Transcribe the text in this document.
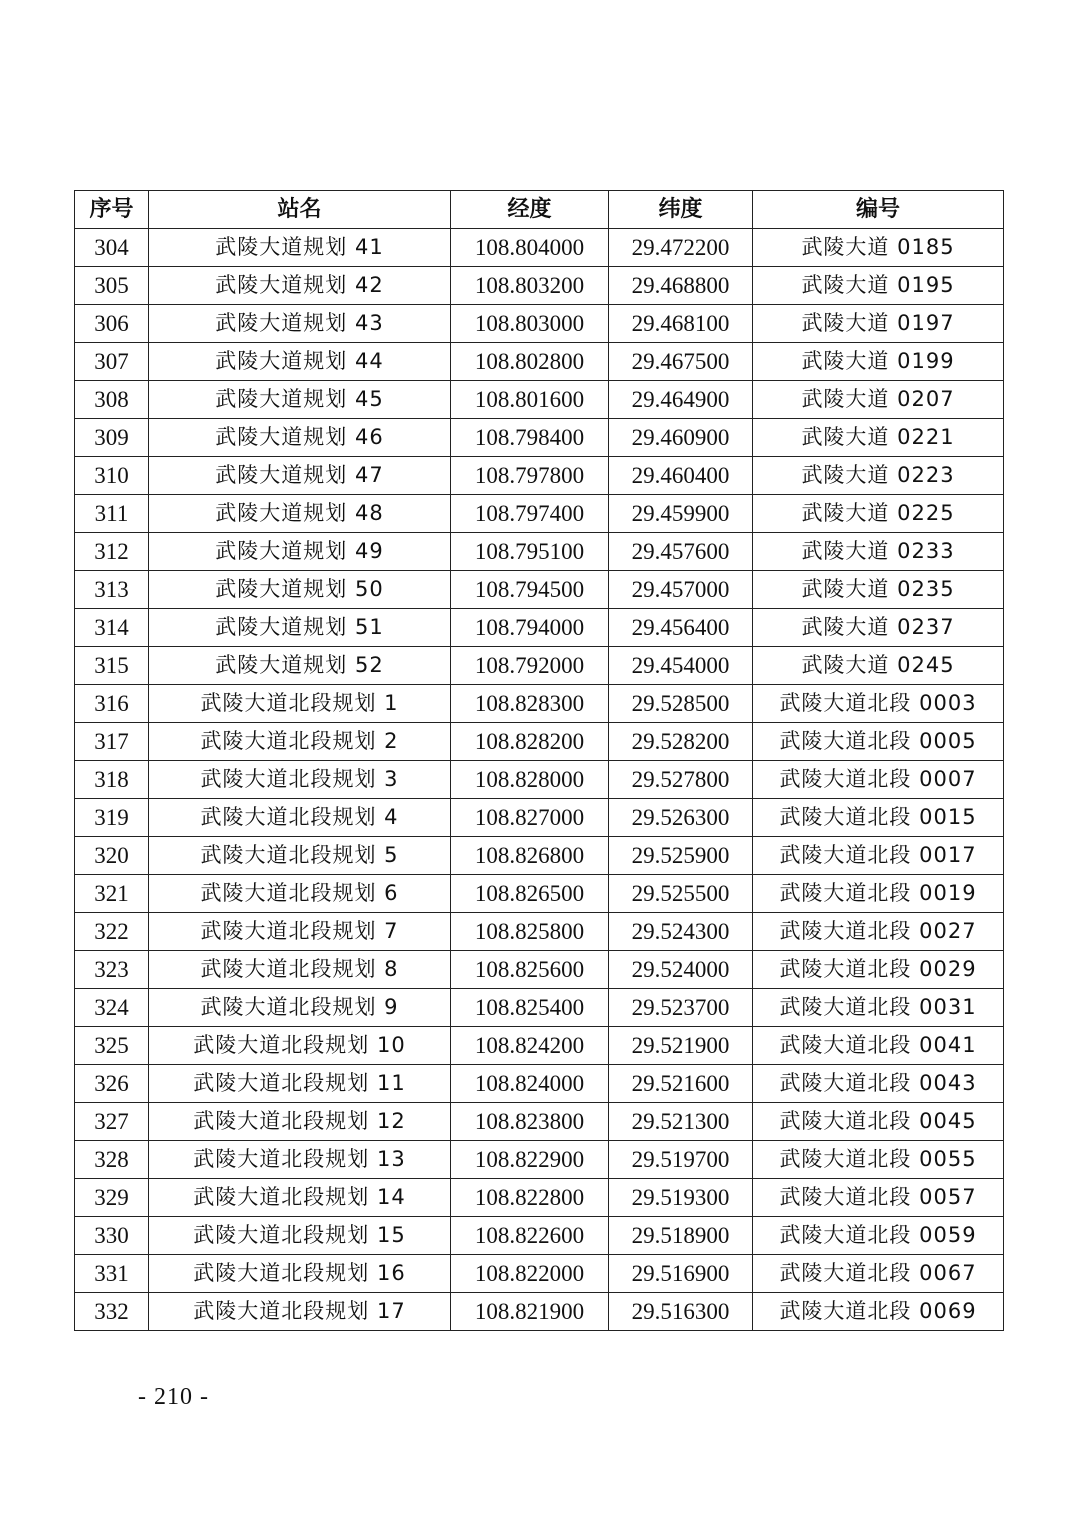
序号	站名	经度	纬度	编号
304	武陵大道规划 41	108.804000	29.472200	武陵大道 0185
305	武陵大道规划 42	108.803200	29.468800	武陵大道 0195
306	武陵大道规划 43	108.803000	29.468100	武陵大道 0197
307	武陵大道规划 44	108.802800	29.467500	武陵大道 0199
308	武陵大道规划 45	108.801600	29.464900	武陵大道 0207
309	武陵大道规划 46	108.798400	29.460900	武陵大道 0221
310	武陵大道规划 47	108.797800	29.460400	武陵大道 0223
311	武陵大道规划 48	108.797400	29.459900	武陵大道 0225
312	武陵大道规划 49	108.795100	29.457600	武陵大道 0233
313	武陵大道规划 50	108.794500	29.457000	武陵大道 0235
314	武陵大道规划 51	108.794000	29.456400	武陵大道 0237
315	武陵大道规划 52	108.792000	29.454000	武陵大道 0245
316	武陵大道北段规划 1	108.828300	29.528500	武陵大道北段 0003
317	武陵大道北段规划 2	108.828200	29.528200	武陵大道北段 0005
318	武陵大道北段规划 3	108.828000	29.527800	武陵大道北段 0007
319	武陵大道北段规划 4	108.827000	29.526300	武陵大道北段 0015
320	武陵大道北段规划 5	108.826800	29.525900	武陵大道北段 0017
321	武陵大道北段规划 6	108.826500	29.525500	武陵大道北段 0019
322	武陵大道北段规划 7	108.825800	29.524300	武陵大道北段 0027
323	武陵大道北段规划 8	108.825600	29.524000	武陵大道北段 0029
324	武陵大道北段规划 9	108.825400	29.523700	武陵大道北段 0031
325	武陵大道北段规划 10	108.824200	29.521900	武陵大道北段 0041
326	武陵大道北段规划 11	108.824000	29.521600	武陵大道北段 0043
327	武陵大道北段规划 12	108.823800	29.521300	武陵大道北段 0045
328	武陵大道北段规划 13	108.822900	29.519700	武陵大道北段 0055
329	武陵大道北段规划 14	108.822800	29.519300	武陵大道北段 0057
330	武陵大道北段规划 15	108.822600	29.518900	武陵大道北段 0059
331	武陵大道北段规划 16	108.822000	29.516900	武陵大道北段 0067
332	武陵大道北段规划 17	108.821900	29.516300	武陵大道北段 0069
- 210 -
